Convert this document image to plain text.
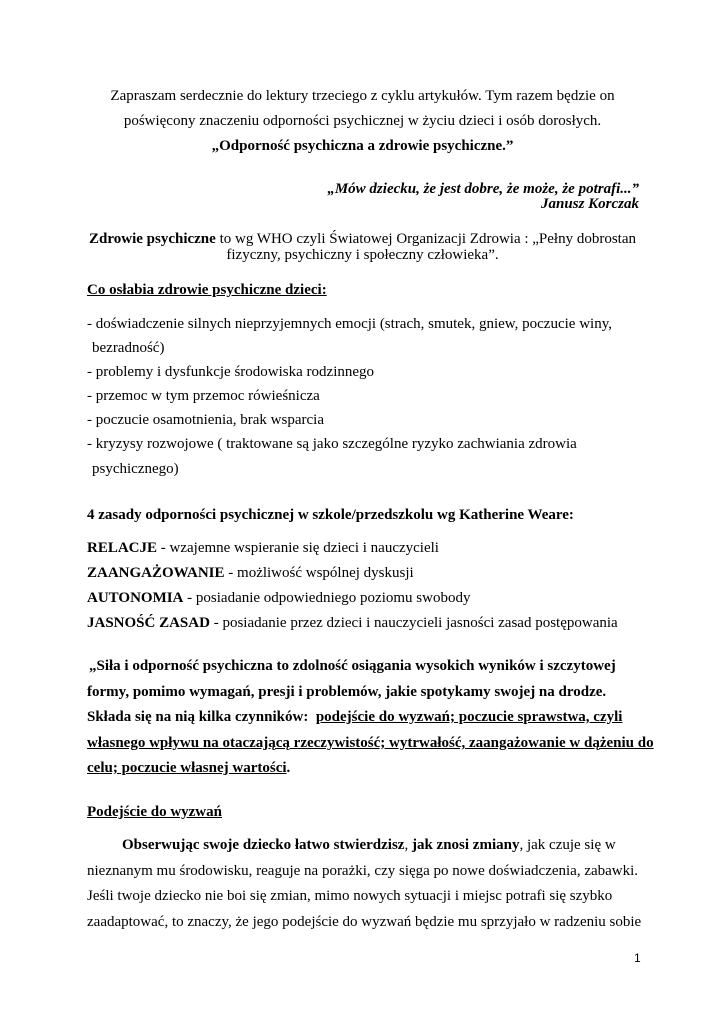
Zapraszam serdecznie do lektury trzeciego z cyklu artykułów. Tym razem będzie on
poświęcony znaczeniu odporności psychicznej w życiu dzieci i osób dorosłych.
„Odporność psychiczna a zdrowie psychiczne.”
„Mów dziecku, że jest dobre, że może, że potrafi...”
Janusz Korczak
Zdrowie psychiczne to wg WHO czyli Światowej Organizacji Zdrowia : „Pełny dobrostan
fizyczny, psychiczny i społeczny człowieka”.
Co osłabia zdrowie psychiczne dzieci:
- doświadczenie silnych nieprzyjemnych emocji (strach, smutek, gniew, poczucie winy,
bezradność)
- problemy i dysfunkcje środowiska rodzinnego
- przemoc w tym przemoc rówieśnicza
- poczucie osamotnienia, brak wsparcia
- kryzysy rozwojowe ( traktowane są jako szczególne ryzyko zachwiania zdrowia
psychicznego)
4 zasady odporności psychicznej w szkole/przedszkolu wg Katherine Weare:
RELACJE - wzajemne wspieranie się dzieci i nauczycieli
ZAANGAŻOWANIE - możliwość wspólnej dyskusji
AUTONOMIA - posiadanie odpowiedniego poziomu swobody
JASNOŚĆ ZASAD - posiadanie przez dzieci i nauczycieli jasności zasad postępowania
„Siła i odporność psychiczna to zdolność osiągania wysokich wyników i szczytowej
formy, pomimo wymagań, presji i problemów, jakie spotykamy swojej na drodze.
Składa się na nią kilka czynników:  podejście do wyzwań; poczucie sprawstwa, czyli
własnego wpływu na otaczającą rzeczywistość; wytrwałość, zaangażowanie w dążeniu do
celu; poczucie własnej wartości.
Podejście do wyzwań
Obserwując swoje dziecko łatwo stwierdzisz, jak znosi zmiany, jak czuje się w
nieznanym mu środowisku, reaguje na porażki, czy sięga po nowe doświadczenia, zabawki.
Jeśli twoje dziecko nie boi się zmian, mimo nowych sytuacji i miejsc potrafi się szybko
zaadaptować, to znaczy, że jego podejście do wyzwań będzie mu sprzyjało w radzeniu sobie
1
